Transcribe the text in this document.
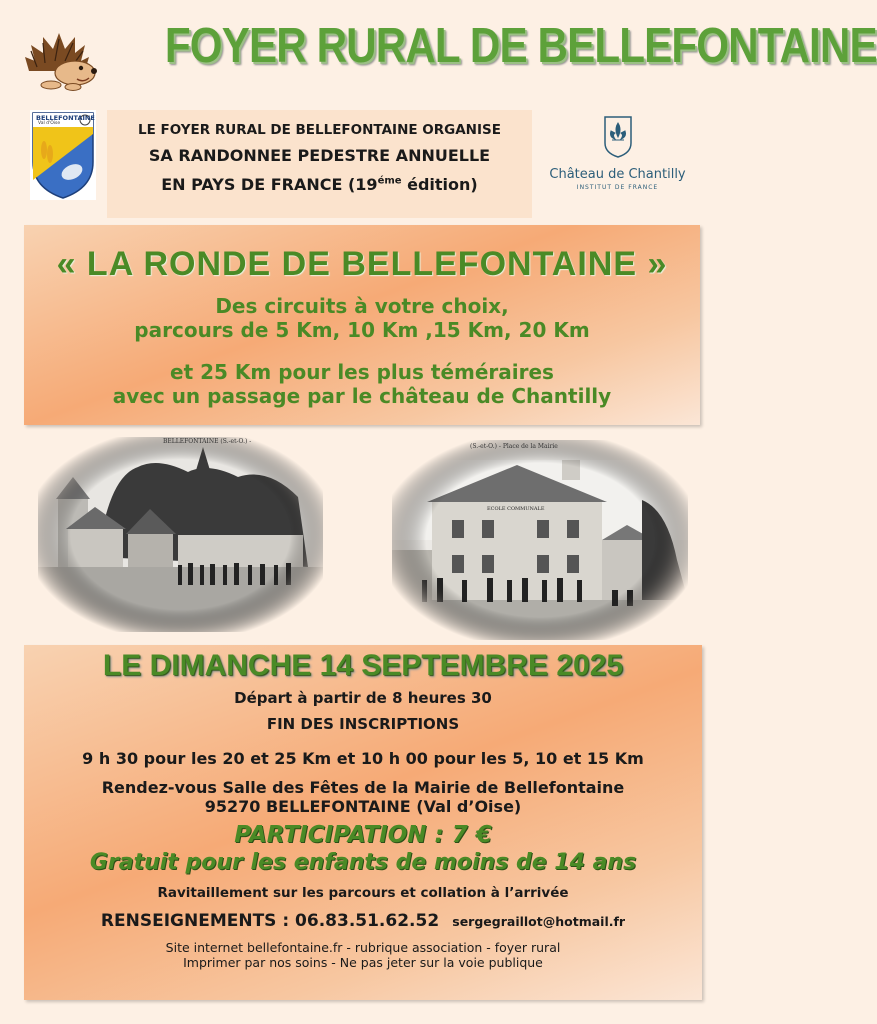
FOYER RURAL DE BELLEFONTAINE
BELLEFONTAINE
Val d'Oise	LE FOYER RURAL DE BELLEFONTAINE ORGANISE
SA RANDONNEE PEDESTRE ANNUELLE
EN PAYS DE FRANCE ($19^{éme}$ édition)
Château de Chantilly
INSTITUT DE FRANCE
« LA RONDE DE BELLEFONTAINE »
Des circuits à votre choix,
parcours de 5 Km, 10 Km ,15 Km, 20 Km
et 25 Km pour les plus téméraires
avec un passage par le château de Chantilly
BELLEFONTAINE (S.-et-O.) -
(S.-et-O.) - Place de la Mairie
ECOLE COMMUNALE
LE DIMANCHE 14 SEPTEMBRE 2025
Départ à partir de 8 heures 30
FIN DES INSCRIPTIONS
9 h 30 pour les 20 et 25 Km et 10 h 00 pour les 5, 10 et 15 Km
Rendez-vous Salle des Fêtes de la Mairie de Bellefontaine
95270 BELLEFONTAINE (Val d’Oise)
PARTICIPATION : 7 €
Gratuit pour les enfants de moins de 14 ans
Ravitaillement sur les parcours et collation à l’arrivée
RENSEIGNEMENTS : 06.83.51.62.52 sergegraillot@hotmail.fr
Site internet bellefontaine.fr - rubrique association - foyer rural
Imprimer par nos soins - Ne pas jeter sur la voie publique
